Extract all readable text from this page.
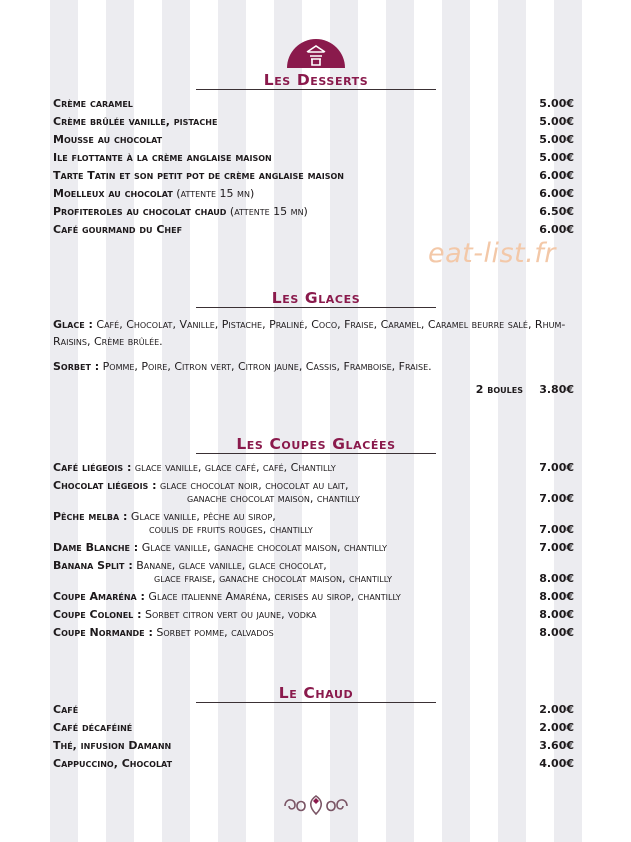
eat-list.fr
Les Desserts
Crème caramel	5.00€
Crème brûlée vanille, pistache	5.00€
Mousse au chocolat	5.00€
Ile flottante à la crème anglaise maison	5.00€
Tarte Tatin et son petit pot de crème anglaise maison	6.00€
Moelleux au chocolat (attente 15 mn)	6.00€
Profiteroles au chocolat chaud (attente 15 mn)	6.50€
Café gourmand du Chef	6.00€
Les Glaces
Glace : Café, Chocolat, Vanille, Pistache, Praliné, Coco, Fraise, Caramel, Caramel beurre salé, Rhum-Raisins, Crème brûlée.
Sorbet : Pomme, Poire, Citron vert, Citron jaune, Cassis, Framboise, Fraise.
2 boules 3.80€
Les Coupes Glacées
Café liégeois : glace vanille, glace café, café, Chantilly	7.00€
Chocolat liégeois : glace chocolat noir, chocolat au lait,
ganache chocolat maison, chantilly	7.00€
Pêche melba : Glace vanille, pêche au sirop,
coulis de fruits rouges, chantilly	7.00€
Dame Blanche : Glace vanille, ganache chocolat maison, chantilly	7.00€
Banana Split : Banane, glace vanille, glace chocolat,
glace fraise, ganache chocolat maison, chantilly	8.00€
Coupe Amaréna : Glace italienne Amaréna, cerises au sirop, chantilly	8.00€
Coupe Colonel : Sorbet citron vert ou jaune, vodka	8.00€
Coupe Normande : Sorbet pomme, calvados	8.00€
Le Chaud
Café	2.00€
Café décaféiné	2.00€
Thé, infusion Damann	3.60€
Cappuccino, Chocolat	4.00€
